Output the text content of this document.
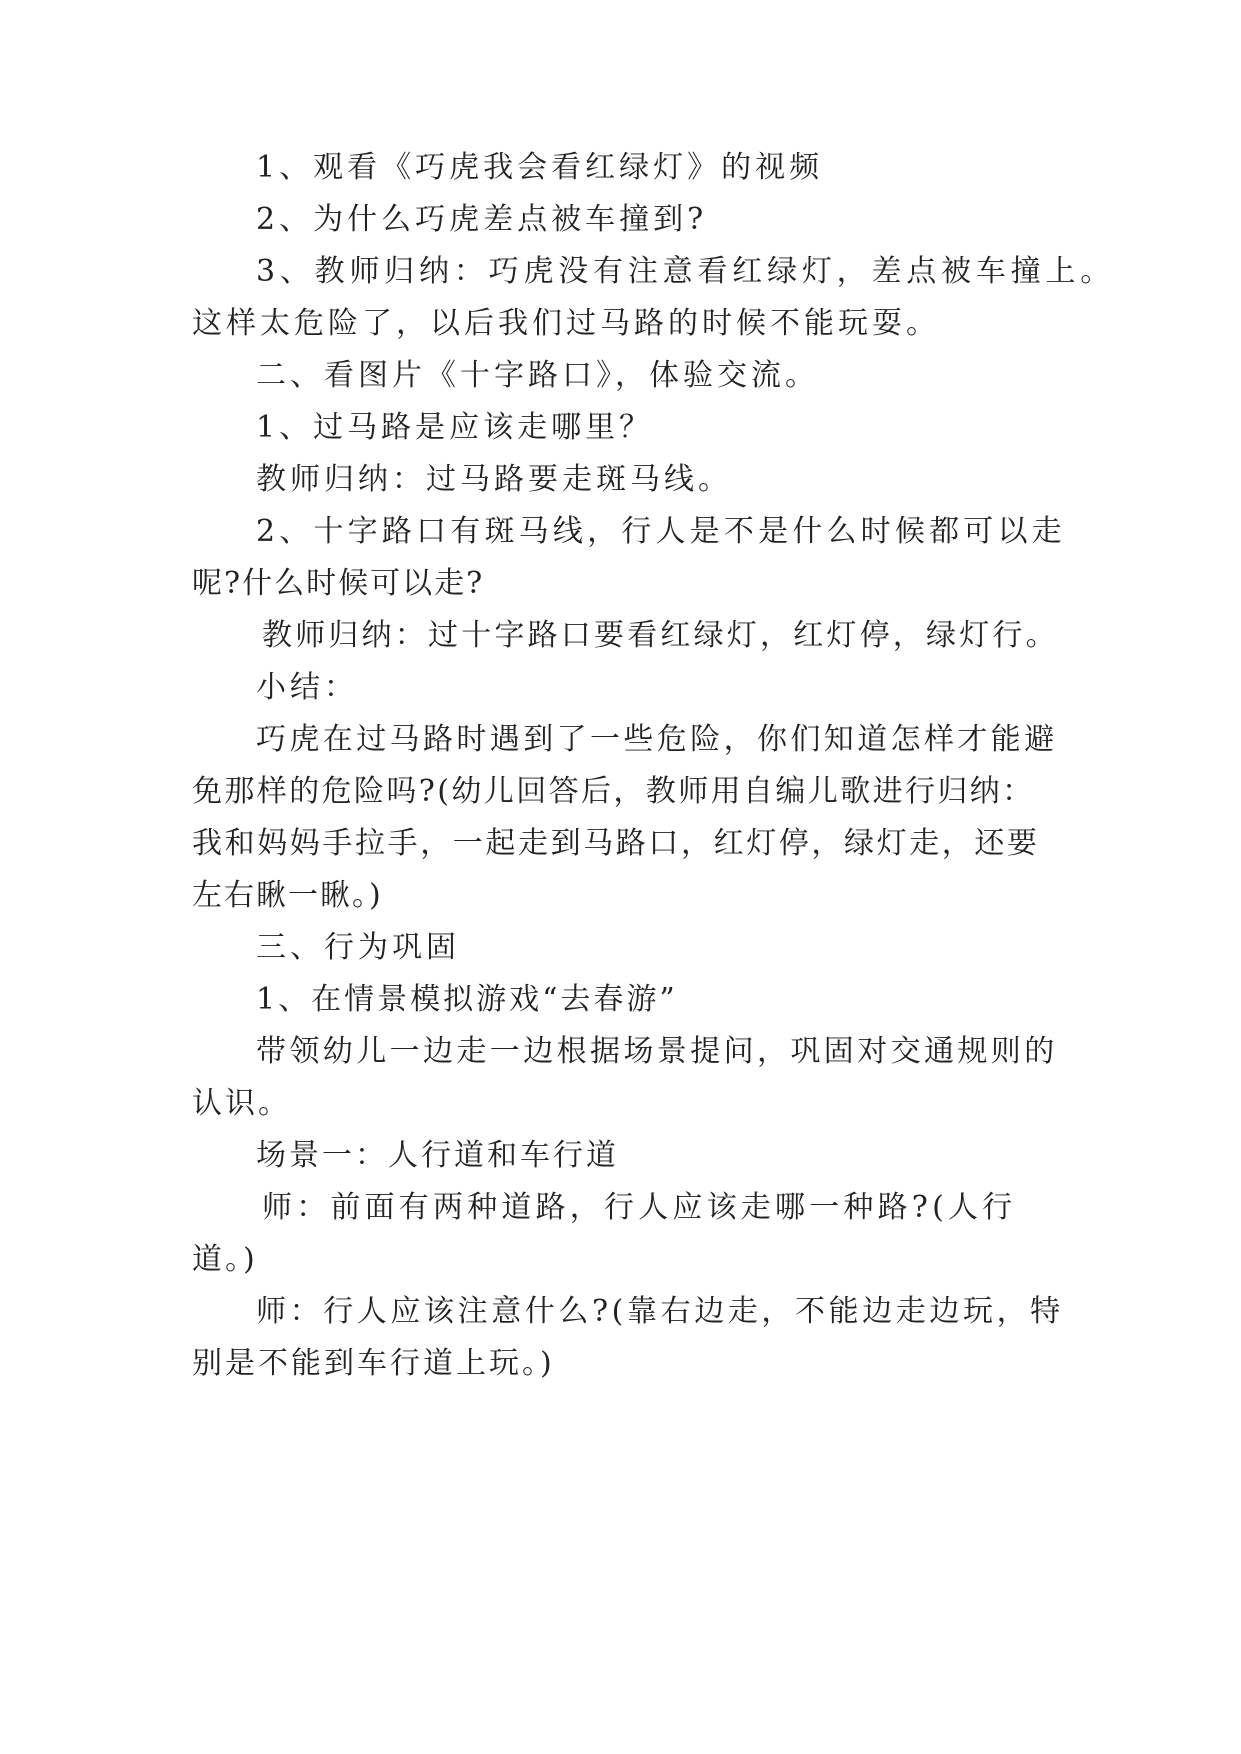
1、观看《巧虎我会看红绿灯》的视频
2、为什么巧虎差点被车撞到?
3、教师归纳：巧虎没有注意看红绿灯，差点被车撞上。
这样太危险了，以后我们过马路的时候不能玩耍。
二、看图片《十字路口》，体验交流。
1、过马路是应该走哪里？
教师归纳：过马路要走斑马线。
2、十字路口有斑马线，行人是不是什么时候都可以走
呢?什么时候可以走?
教师归纳：过十字路口要看红绿灯，红灯停，绿灯行。
小结：
巧虎在过马路时遇到了一些危险，你们知道怎样才能避
免那样的危险吗?(幼儿回答后，教师用自编儿歌进行归纳：
我和妈妈手拉手，一起走到马路口，红灯停，绿灯走，还要
左右瞅一瞅。)
三、行为巩固
1、在情景模拟游戏“去春游”
带领幼儿一边走一边根据场景提问，巩固对交通规则的
认识。
场景一：人行道和车行道
师：前面有两种道路，行人应该走哪一种路?(人行
道。)
师：行人应该注意什么?(靠右边走，不能边走边玩，特
别是不能到车行道上玩。)
